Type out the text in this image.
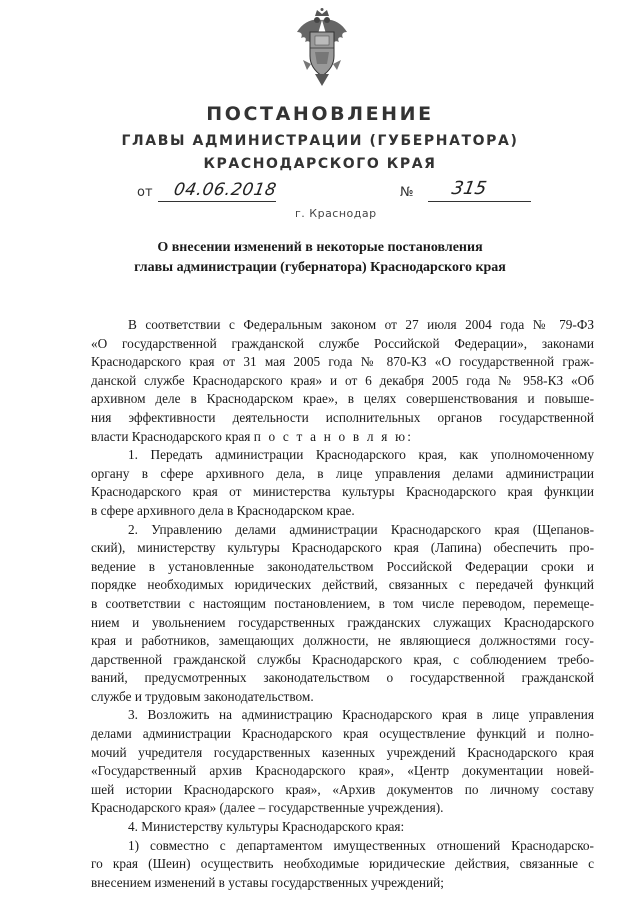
ПОСТАНОВЛЕНИЕ
ГЛАВЫ АДМИНИСТРАЦИИ (ГУБЕРНАТОРА)
КРАСНОДАРСКОГО КРАЯ
от 04.06.2018	№ 315
г. Краснодар
О внесении изменений в некоторые постановления
главы администрации (губернатора) Краснодарского края
В соответствии с Федеральным законом от 27 июля 2004 года № 79-ФЗ
«О государственной гражданской службе Российской Федерации», законами
Краснодарского края от 31 мая 2005 года № 870-КЗ «О государственной граж-
данской службе Краснодарского края» и от 6 декабря 2005 года № 958-КЗ «Об
архивном деле в Краснодарском крае», в целях совершенствования и повыше-
ния эффективности деятельности исполнительных органов государственной
власти Краснодарского края п о с т а н о в л я ю:
1. Передать администрации Краснодарского края, как уполномоченному
органу в сфере архивного дела, в лице управления делами администрации
Краснодарского края от министерства культуры Краснодарского края функции
в сфере архивного дела в Краснодарском крае.
2. Управлению делами администрации Краснодарского края (Щепанов-
ский), министерству культуры Краснодарского края (Лапина) обеспечить про-
ведение в установленные законодательством Российской Федерации сроки и
порядке необходимых юридических действий, связанных с передачей функций
в соответствии с настоящим постановлением, в том числе переводом, перемеще-
нием и увольнением государственных гражданских служащих Краснодарского
края и работников, замещающих должности, не являющиеся должностями госу-
дарственной гражданской службы Краснодарского края, с соблюдением требо-
ваний, предусмотренных законодательством о государственной гражданской
службе и трудовым законодательством.
3. Возложить на администрацию Краснодарского края в лице управления
делами администрации Краснодарского края осуществление функций и полно-
мочий учредителя государственных казенных учреждений Краснодарского края
«Государственный архив Краснодарского края», «Центр документации новей-
шей истории Краснодарского края», «Архив документов по личному составу
Краснодарского края» (далее – государственные учреждения).
4. Министерству культуры Краснодарского края:
1) совместно с департаментом имущественных отношений Краснодарско-
го края (Шеин) осуществить необходимые юридические действия, связанные с
внесением изменений в уставы государственных учреждений;
